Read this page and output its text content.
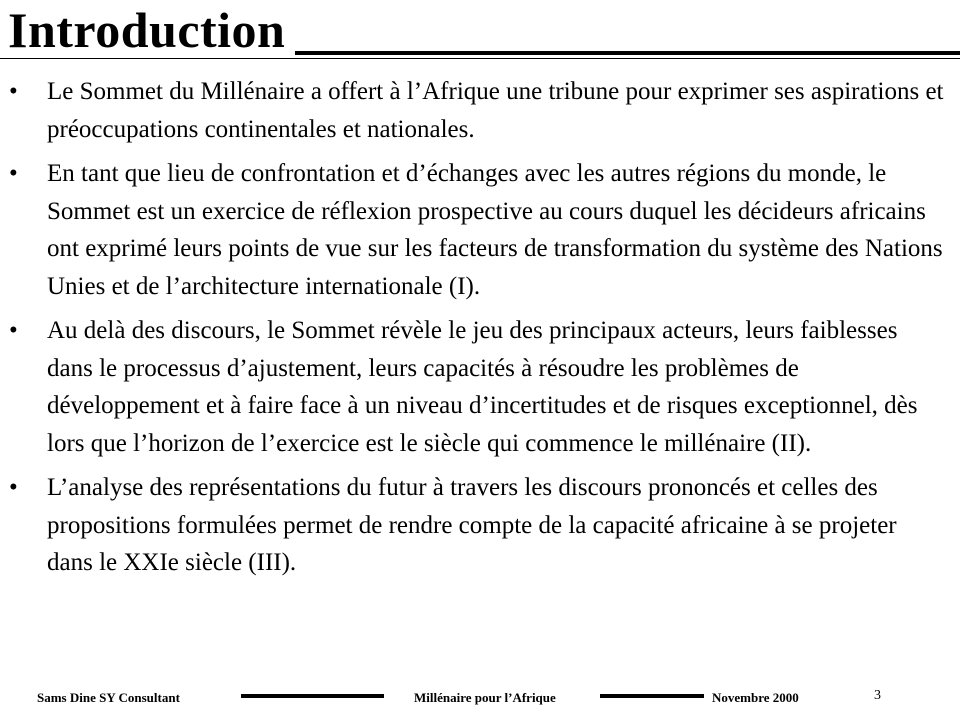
Introduction
• Le Sommet du Millénaire a offert à l’Afrique une tribune pour exprimer ses aspirations et préoccupations continentales et nationales.
• En tant que lieu de confrontation et d’échanges avec les autres régions du monde, le Sommet est un exercice de réflexion prospective au cours duquel les décideurs africains ont exprimé leurs points de vue sur les facteurs de transformation du système des Nations Unies et de l’architecture internationale (I).
• Au delà des discours, le Sommet révèle le jeu des principaux acteurs, leurs faiblesses dans le processus d’ajustement, leurs capacités à résoudre les problèmes de développement et à faire face à un niveau d’incertitudes et de risques exceptionnel, dès lors que l’horizon de l’exercice est le siècle qui commence le millénaire (II).
• L’analyse des représentations du futur à travers les discours prononcés et celles des propositions formulées permet de rendre compte de la capacité africaine à se projeter dans le XXIe siècle (III).
Sams Dine SY Consultant	Millénaire pour l’Afrique	Novembre 2000	3
